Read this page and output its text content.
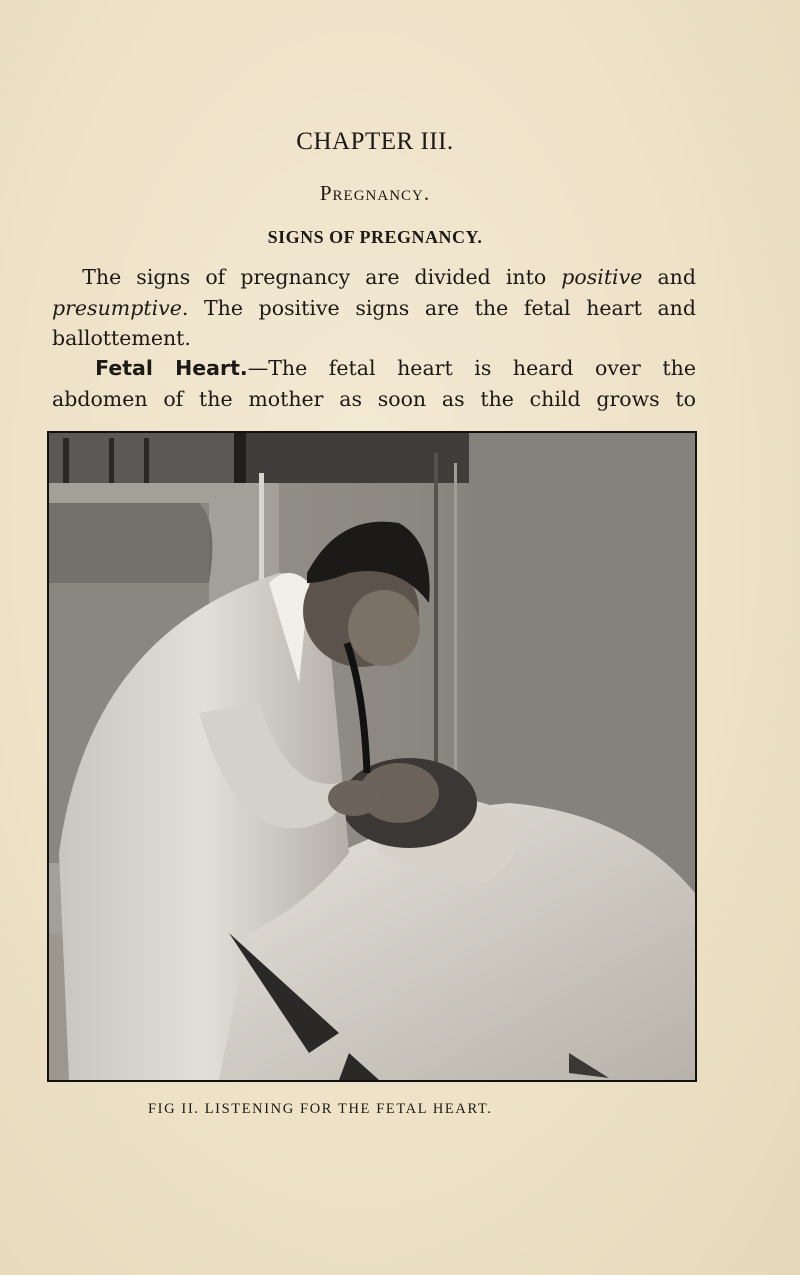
CHAPTER III.
Pregnancy.
SIGNS OF PREGNANCY.
The signs of pregnancy are divided into positive and
presumptive. The positive signs are the fetal heart and
ballottement.
Fetal Heart.—The fetal heart is heard over the
abdomen of the mother as soon as the child grows to
FIG II. LISTENING FOR THE FETAL HEART.
